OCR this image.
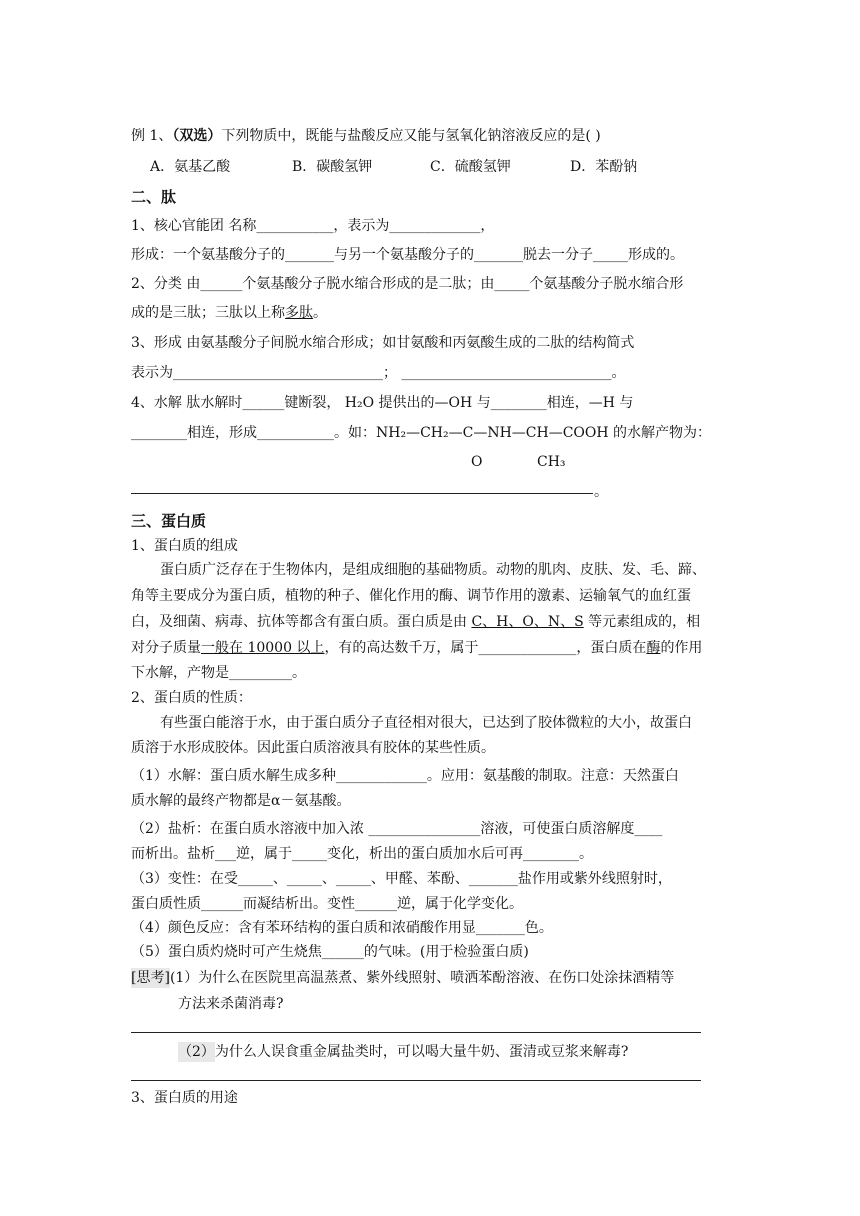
例 1、（双选）下列物质中，既能与盐酸反应又能与氢氧化钠溶液反应的是( )
A．氨基乙酸	B．碳酸氢钾	C．硫酸氢钾	D．苯酚钠
二、肽
1、核心官能团 名称___________，表示为_____________，
形成：一个氨基酸分子的_______与另一个氨基酸分子的_______脱去一分子_____形成的。
2、分类 由______个氨基酸分子脱水缩合形成的是二肽；由_____个氨基酸分子脱水缩合形
成的是三肽；三肽以上称多肽。
3、形成 由氨基酸分子间脱水缩合形成；如甘氨酸和丙氨酸生成的二肽的结构简式
表示为______________________________； ______________________________。
4、水解 肽水解时______键断裂， H₂O 提供出的—OH 与________相连，—H 与
________相连，形成___________。如：NH₂—CH₂—C—NH—CH—COOH 的水解产物为：
O	CH₃
。
三、蛋白质
1、蛋白质的组成
蛋白质广泛存在于生物体内，是组成细胞的基础物质。动物的肌肉、皮肤、发、毛、蹄、
角等主要成分为蛋白质，植物的种子、催化作用的酶、调节作用的激素、运输氧气的血红蛋
白，及细菌、病毒、抗体等都含有蛋白质。蛋白质是由 C、H、O、N、S 等元素组成的，相
对分子质量一般在 10000 以上，有的高达数千万，属于______________，蛋白质在酶的作用
下水解，产物是_________。
2、蛋白质的性质：
有些蛋白能溶于水，由于蛋白质分子直径相对很大，已达到了胶体微粒的大小，故蛋白
质溶于水形成胶体。因此蛋白质溶液具有胶体的某些性质。
（1）水解：蛋白质水解生成多种_____________。应用：氨基酸的制取。注意：天然蛋白
质水解的最终产物都是α－氨基酸。
（2）盐析：在蛋白质水溶液中加入浓 ________________溶液，可使蛋白质溶解度____
而析出。盐析___逆，属于_____变化，析出的蛋白质加水后可再________。
（3）变性：在受_____、_____、_____、甲醛、苯酚、_______盐作用或紫外线照射时，
蛋白质性质______而凝结析出。变性______逆，属于化学变化。
（4）颜色反应：含有苯环结构的蛋白质和浓硝酸作用显_______色。
（5）蛋白质灼烧时可产生烧焦______的气味。(用于检验蛋白质)
[思考](1）为什么在医院里高温蒸煮、紫外线照射、喷洒苯酚溶液、在伤口处涂抹酒精等
方法来杀菌消毒?
（2）为什么人误食重金属盐类时，可以喝大量牛奶、蛋清或豆浆来解毒?
3、蛋白质的用途
